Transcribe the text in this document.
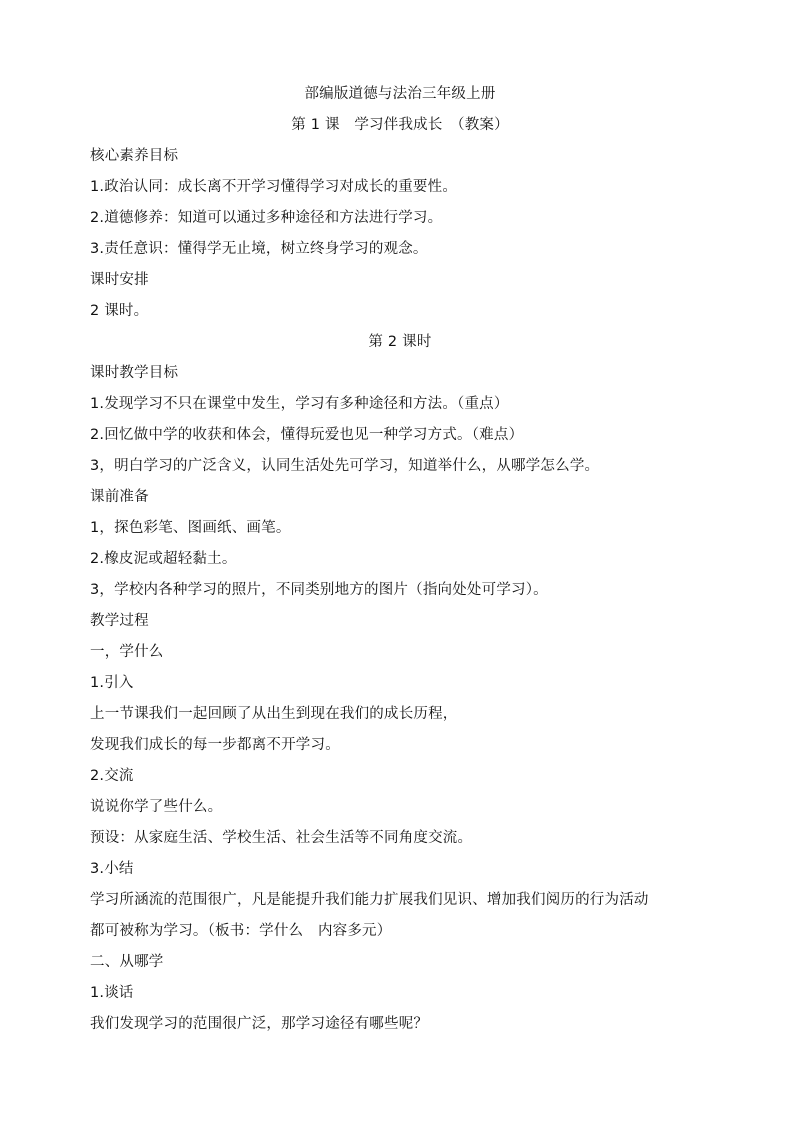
部编版道德与法治三年级上册
第 1 课　学习伴我成长　（教案）
核心素养目标
1.政治认同：成长离不开学习懂得学习对成长的重要性。
2.道德修养：知道可以通过多种途径和方法进行学习。
3.责任意识：懂得学无止境，树立终身学习的观念。
课时安排
2 课时。
第 2 课时
课时教学目标
1.发现学习不只在课堂中发生，学习有多种途径和方法。（重点）
2.回忆做中学的收获和体会，懂得玩爱也见一种学习方式。（难点）
3，明白学习的广泛含义，认同生活处先可学习，知道举什么，从哪学怎么学。
课前准备
1，探色彩笔、图画纸、画笔。
2.橡皮泥或超轻黏土。
3，学校内各种学习的照片，不同类别地方的图片（指向处处可学习）。
教学过程
一，学什么
1.引入
上一节课我们一起回顾了从出生到现在我们的成长历程，
发现我们成长的每一步都离不开学习。
2.交流
说说你学了些什么。
预设：从家庭生活、学校生活、社会生活等不同角度交流。
3.小结
学习所涵流的范围很广，凡是能提升我们能力扩展我们见识、增加我们阅历的行为活动
都可被称为学习。（板书：学什么　内容多元）
二、从哪学
1.谈话
我们发现学习的范围很广泛，那学习途径有哪些呢？
